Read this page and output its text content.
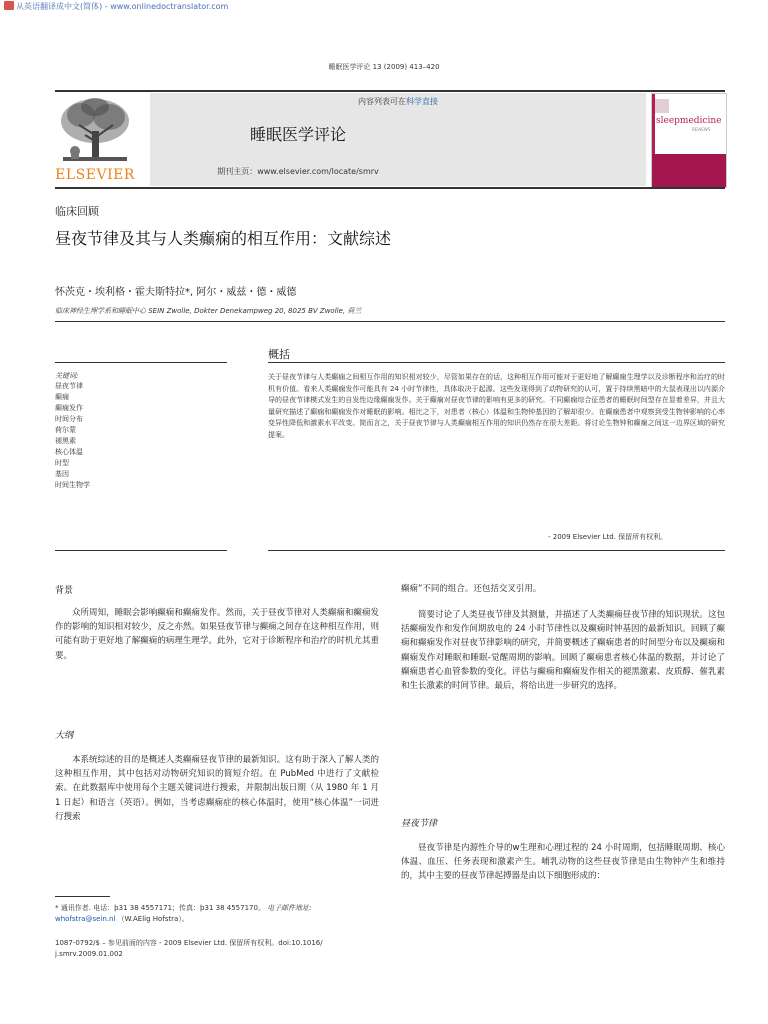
从英语翻译成中文(简体) - www.onlinedoctranslator.com
睡眠医学评论 13 (2009) 413–420
ELSEVIER
内容列表可在科学直接
睡眠医学评论
期刊主页：www.elsevier.com/locate/smrv
sleepmedicine
REVIEWS
临床回顾
昼夜节律及其与人类癫痫的相互作用：文献综述
怀茨克・埃利格・霍夫斯特拉*, 阿尔・威兹・德・威德
临床神经生理学系和睡眠中心 SEIN Zwolle, Dokter Denekampweg 20, 8025 BV Zwolle, 荷兰
概括
关键词:
昼夜节律
癫痫
癫痫发作
时间分布
荷尔蒙
褪黑素
核心体温
时型
基因
时间生物学
关于昼夜节律与人类癫痫之间相互作用的知识相对较少，尽管如果存在的话，这种相互作用可能对于更好地了解癫痫生理学以及诊断程序和治疗的时机有价值。看来人类癫痫发作可能具有 24 小时节律性，具体取决于起源。这些发现得到了动物研究的认可，置于持续黑暗中的大鼠表现出以内源介导的昼夜节律模式发生的自发性边缘癫痫发作。关于癫痫对昼夜节律的影响有更多的研究。不同癫痫综合征患者的睡眠时间型存在显着差异，并且大量研究描述了癫痫和癫痫发作对睡眠的影响。相比之下，对患者（核心）体温和生物钟基因的了解却很少。在癫痫患者中观察到受生物钟影响的心率变异性降低和激素水平改变。简而言之，关于昼夜节律与人类癫痫相互作用的知识仍然存在很大差距。将讨论生物钟和癫痫之间这一边界区域的研究提案。
- 2009 Elsevier Ltd. 保留所有权利。
背景
众所周知，睡眠会影响癫痫和癫痫发作。然而，关于昼夜节律对人类癫痫和癫痫发作的影响的知识相对较少，反之亦然。如果昼夜节律与癫痫之间存在这种相互作用，则可能有助于更好地了解癫痫的病理生理学。此外，它对于诊断程序和治疗的时机尤其重要。
大纲
本系统综述的目的是概述人类癫痫昼夜节律的最新知识。这有助于深入了解人类的这种相互作用，其中包括对动物研究知识的简短介绍。在 PubMed 中进行了文献检索。在此数据库中使用每个主题关键词进行搜索，并限制出版日期（从 1980 年 1 月 1 日起）和语言（英语）。例如，当考虑癫痫症的核心体温时，使用“核心体温”一词进行搜索
癫痫”不同的组合。还包括交叉引用。
简要讨论了人类昼夜节律及其测量，并描述了人类癫痫昼夜节律的知识现状。这包括癫痫发作和发作间期放电的 24 小时节律性以及癫痫时钟基因的最新知识。回顾了癫痫和癫痫发作对昼夜节律影响的研究，并简要概述了癫痫患者的时间型分布以及癫痫和癫痫发作对睡眠和睡眠-觉醒周期的影响。回顾了癫痫患者核心体温的数据，并讨论了癫痫患者心血管参数的变化。评估与癫痫和癫痫发作相关的褪黑激素、皮质醇、催乳素和生长激素的时间节律。最后，将给出进一步研究的选择。
昼夜节律
昼夜节律是内源性介导的w生理和心理过程的 24 小时周期，包括睡眠周期、核心体温、血压、任务表现和激素产生。哺乳动物的这些昼夜节律是由生物钟产生和维持的，其中主要的昼夜节律起搏器是由以下细胞形成的：
* 通讯作者. 电话：þ31 38 4557171；传真：þ31 38 4557170。 电子邮件地址:
whofstra@sein.nl （W.AElig Hofstra）。
1087-0792/$ – 参见前面的内容 - 2009 Elsevier Ltd. 保留所有权利。doi:10.1016/ j.smrv.2009.01.002
